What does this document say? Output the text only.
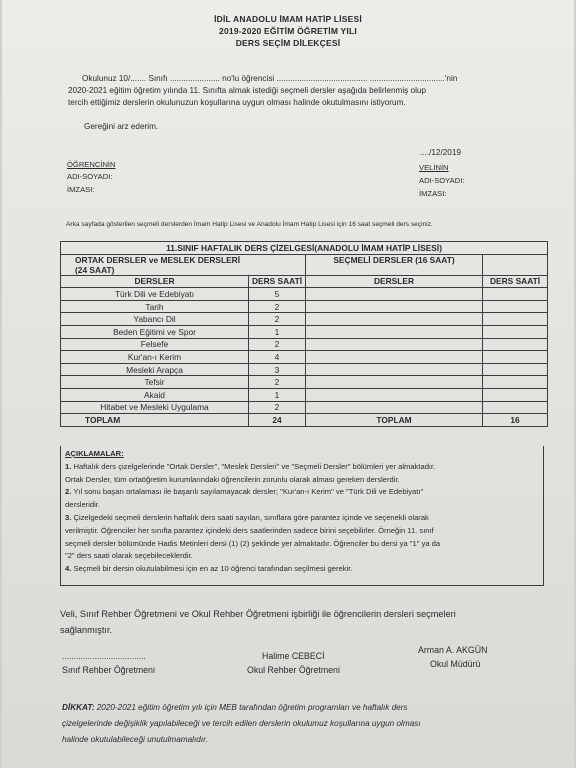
İDİL ANADOLU İMAM HATİP LİSESİ
2019-2020 EĞİTİM ÖĞRETİM YILI
DERS SEÇİM DİLEKÇESİ
Okulunuz 10/....... Sınıfı ...................... no'lu öğrencisi ........................................ .................................'nin
2020-2021 eğitim öğretim yılında 11. Sınıfta almak istediği seçmeli dersler aşağıda belirlenmiş olup
tercih ettiğimiz derslerin okulunuzun koşullarına uygun olması halinde okutulmasını istiyorum.
Gereğini arz ederim.
..../12/2019
ÖĞRENCİNİN
ADI-SOYADI:
İMZASI:
VELİNİN
ADI-SOYADI:
İMZASI:
Arka sayfada gösterilen seçmeli derslerden İmam Hatip Lisesi ve Anadolu İmam Hatip Lisesi için 16 saat seçmeli ders seçiniz.
11.SINIF HAFTALIK DERS ÇİZELGESİ(ANADOLU İMAM HATİP LİSESİ)			
ORTAK DERSLER ve MESLEK DERSLERİ
(24 SAAT)		SEÇMELİ DERSLER (16 SAAT)	
DERSLER	DERS SAATİ	DERSLER	DERS SAATİ
Türk Dili ve Edebiyatı	5		
Tarih	2		
Yabancı Dil	2		
Beden Eğitimi ve Spor	1		
Felsefe	2		
Kur'an-ı Kerim	4		
Mesleki Arapça	3		
Tefsir	2		
Akaid	1		
Hitabet ve Mesleki Uygulama	2		
TOPLAM	24	TOPLAM	16
AÇIKLAMALAR:
1. Haftalık ders çizelgelerinde "Ortak Dersler", "Meslek Dersleri" ve "Seçmeli Dersler" bölümleri yer almaktadır.
Ortak Dersler, tüm ortaöğretim kurumlarındaki öğrencilerin zorunlu olarak alması gereken derslerdir.
2. Yıl sonu başarı ortalaması ile başarılı sayılamayacak dersler; "Kur'an-ı Kerim" ve "Türk Dili ve Edebiyatı"
dersleridir.
3. Çizelgedeki seçmeli derslerin haftalık ders saati sayıları, sınıflara göre parantez içinde ve seçenekli olarak
verilmiştir. Öğrenciler her sınıfta parantez içindeki ders saatlerinden sadece birini seçebilirler. Örneğin 11. sınıf
seçmeli dersler bölümünde Hadis Metinleri dersi (1) (2) şeklinde yer almaktadır. Öğrenciler bu dersi ya "1" ya da
"2" ders saati olarak seçebileceklerdir.
4. Seçmeli bir dersin okutulabilmesi için en az 10 öğrenci tarafından seçilmesi gerekir.
Veli, Sınıf Rehber Öğretmeni ve Okul Rehber Öğretmeni işbirliği ile öğrencilerin dersleri seçmeleri
sağlanmıştır.
....................................
Sınıf Rehber Öğretmeni
Halime CEBECİ
Okul Rehber Öğretmeni
Arman A. AKGÜN
Okul Müdürü
DİKKAT: 2020-2021 eğitim öğretim yılı için MEB tarafından öğretim programları ve haftalık ders
çizelgelerinde değişiklik yapılabileceği ve tercih edilen derslerin okulumuz koşullarına uygun olması
halinde okutulabileceği unutulmamalıdır.
